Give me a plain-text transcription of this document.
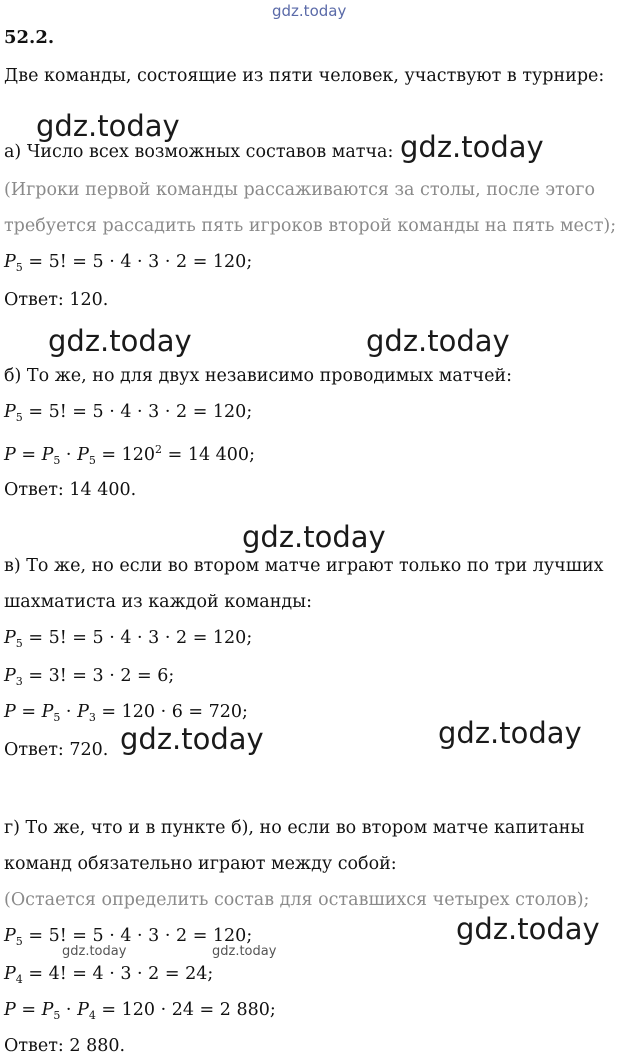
gdz.today
gdz.today
gdz.today
gdz.today	gdz.today
gdz.today
gdz.today	gdz.today
gdz.today
gdz.today	gdz.today
52.2.
Две команды, состоящие из пяти человек, участвуют в турнире:
а) Число всех возможных составов матча:
(Игроки первой команды рассаживаются за столы, после этого
требуется рассадить пять игроков второй команды на пять мест);
$P_5 = 5$! = 5 · 4 · 3 · 2 = 120;
Ответ: 120.
б) То же, но для двух независимо проводимых матчей:
$P_5 = 5$! = 5 · 4 · 3 · 2 = 120;
$P = P_5 \cdot P_5 = 120^2 = 14$ 400;
Ответ: 14 400.
в) То же, но если во втором матче играют только по три лучших
шахматиста из каждой команды:
$P_5 = 5$! = 5 · 4 · 3 · 2 = 120;
$P_3 = 3$! = 3 · 2 = 6;
$P = P_5 \cdot P_3 = 120 \cdot 6 = 720$;
Ответ: 720.
г) То же, что и в пункте б), но если во втором матче капитаны
команд обязательно играют между собой:
(Остается определить состав для оставшихся четырех столов);
$P_5 = 5$! = 5 · 4 · 3 · 2 = 120;
$P_4 = 4$! = 4 · 3 · 2 = 24;
$P = P_5 \cdot P_4 = 120 \cdot 24 = 2$ 880;
Ответ: 2 880.
